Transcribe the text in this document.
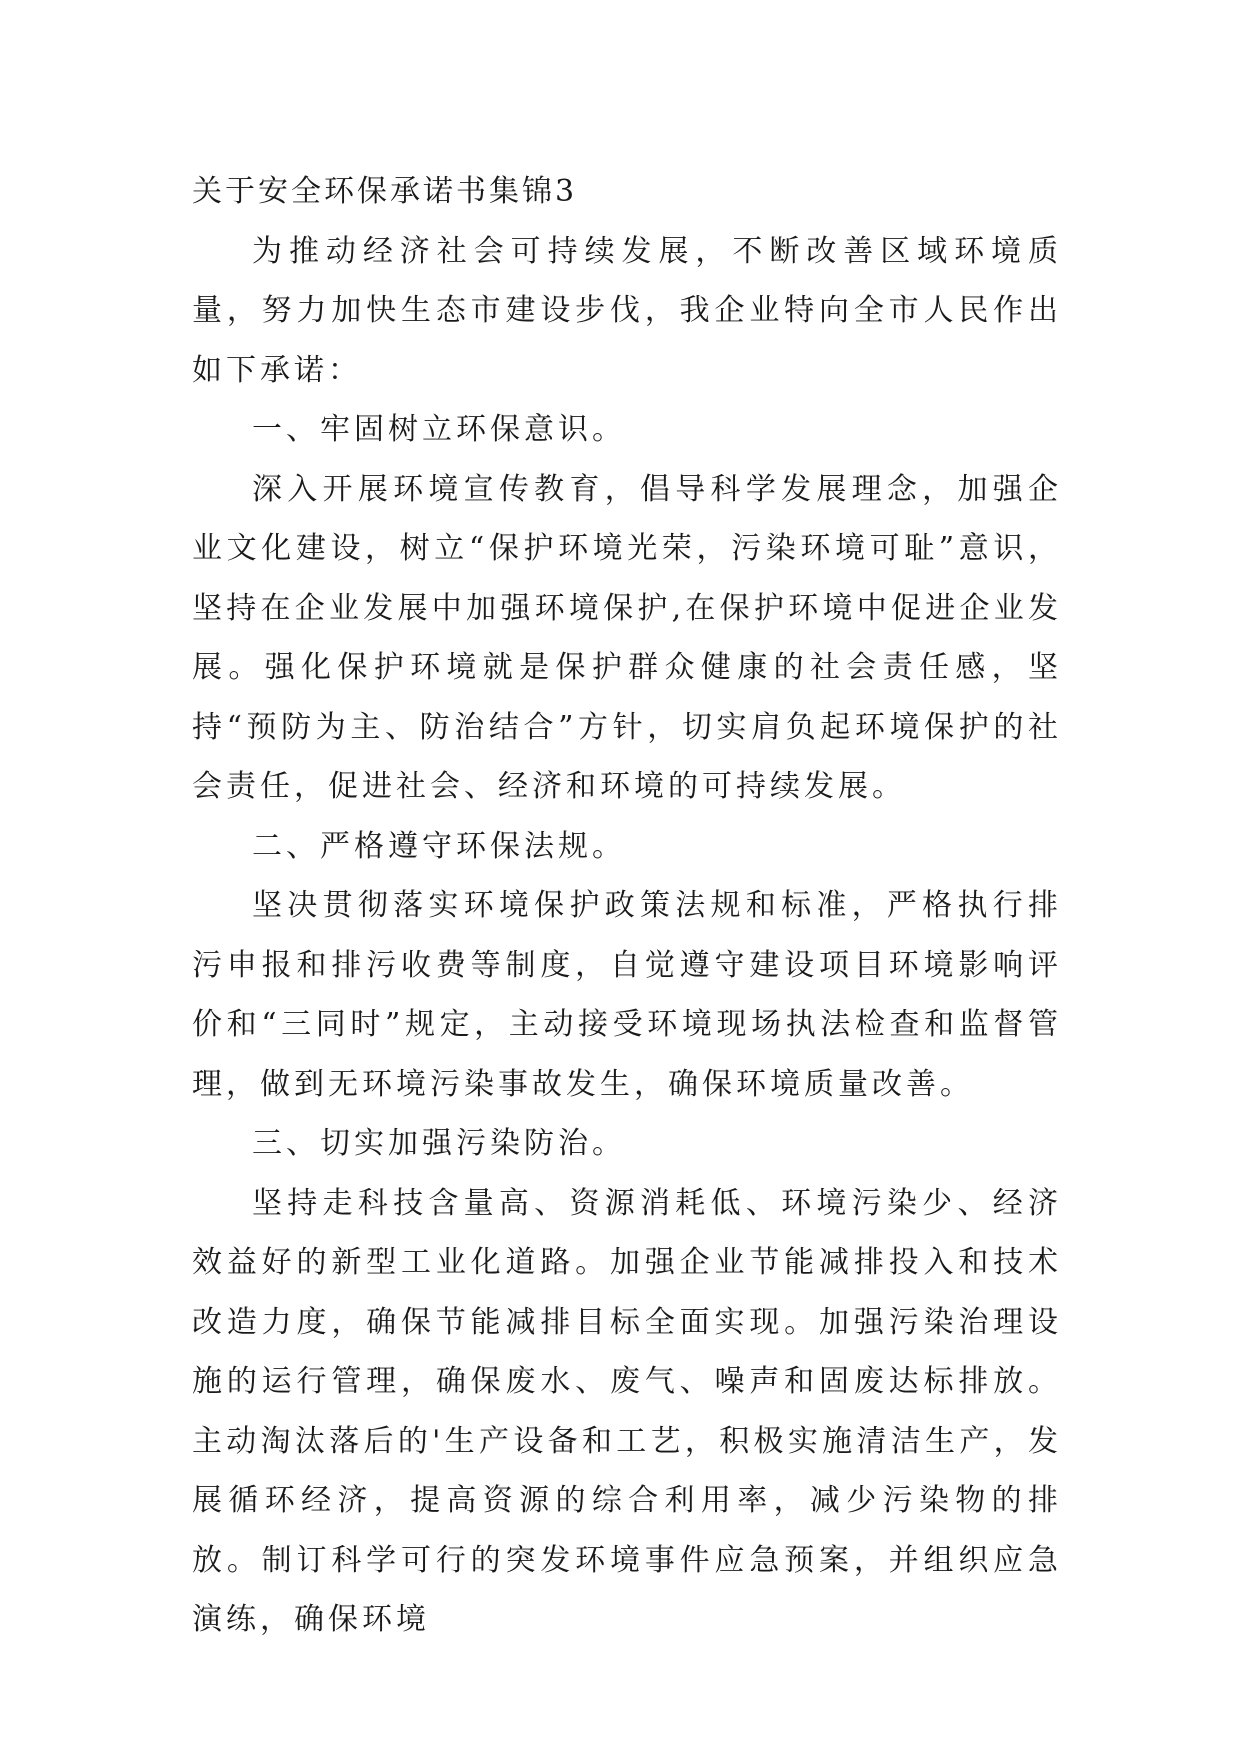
关于安全环保承诺书集锦3

为推动经济社会可持续发展，不断改善区域环境质量，努力加快生态市建设步伐，我企业特向全市人民作出如下承诺：

一、牢固树立环保意识。

深入开展环境宣传教育，倡导科学发展理念，加强企业文化建设，树立“保护环境光荣，污染环境可耻”意识，坚持在企业发展中加强环境保护,在保护环境中促进企业发展。强化保护环境就是保护群众健康的社会责任感，坚持“预防为主、防治结合”方针，切实肩负起环境保护的社会责任，促进社会、经济和环境的可持续发展。

二、严格遵守环保法规。

坚决贯彻落实环境保护政策法规和标准，严格执行排污申报和排污收费等制度，自觉遵守建设项目环境影响评价和“三同时”规定，主动接受环境现场执法检查和监督管理，做到无环境污染事故发生，确保环境质量改善。

三、切实加强污染防治。

坚持走科技含量高、资源消耗低、环境污染少、经济效益好的新型工业化道路。加强企业节能减排投入和技术改造力度，确保节能减排目标全面实现。加强污染治理设施的运行管理，确保废水、废气、噪声和固废达标排放。主动淘汰落后的'生产设备和工艺，积极实施清洁生产，发展循环经济，提高资源的综合利用率，减少污染物的排放。制订科学可行的突发环境事件应急预案，并组织应急演练，确保环境
